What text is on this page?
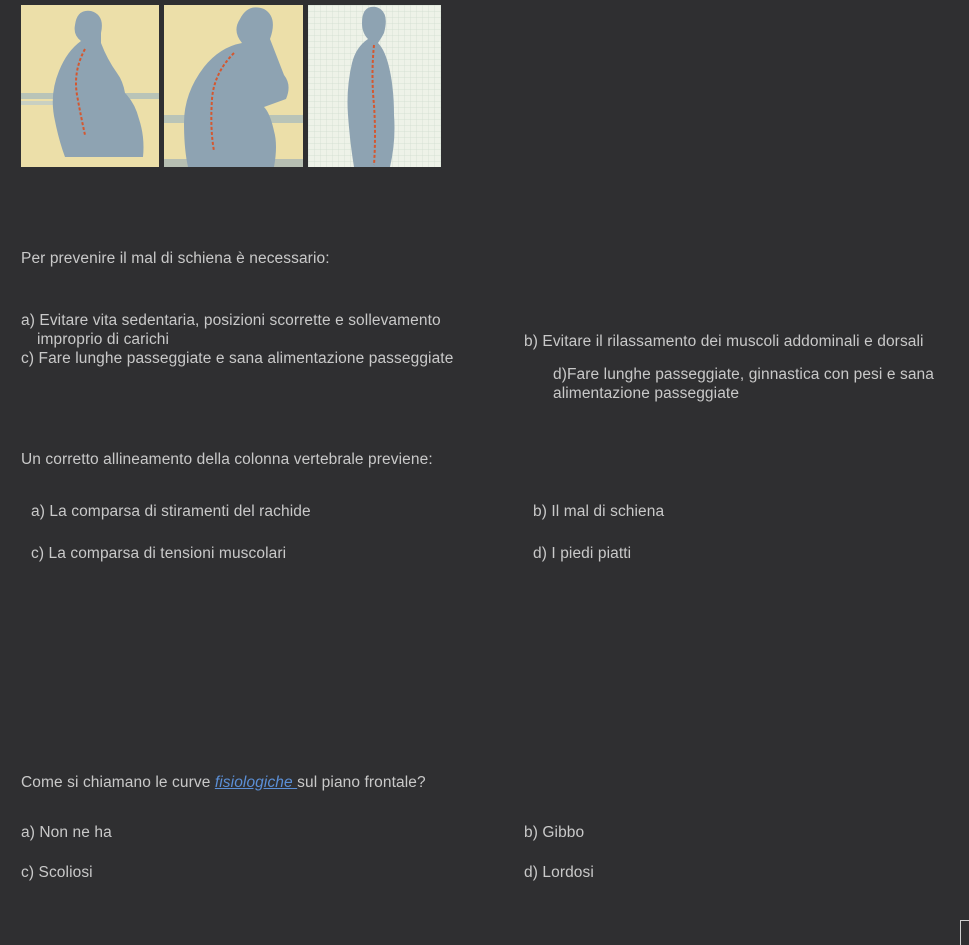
Per prevenire il mal di schiena è necessario:
a) Evitare vita sedentaria, posizioni scorrette e sollevamento
improprio di carichi	b) Evitare il rilassamento dei muscoli addominali e dorsali
c) Fare lunghe passeggiate e sana alimentazione passeggiate
d)Fare lunghe passeggiate, ginnastica con pesi e sana
alimentazione passeggiate
Un corretto allineamento della colonna vertebrale previene:
a) La comparsa di stiramenti del rachide	b) Il mal di schiena
c) La comparsa di tensioni muscolari	d) I piedi piatti
Come si chiamano le curve fisiologiche sul piano frontale?
a) Non ne ha	b) Gibbo
c) Scoliosi	d) Lordosi
